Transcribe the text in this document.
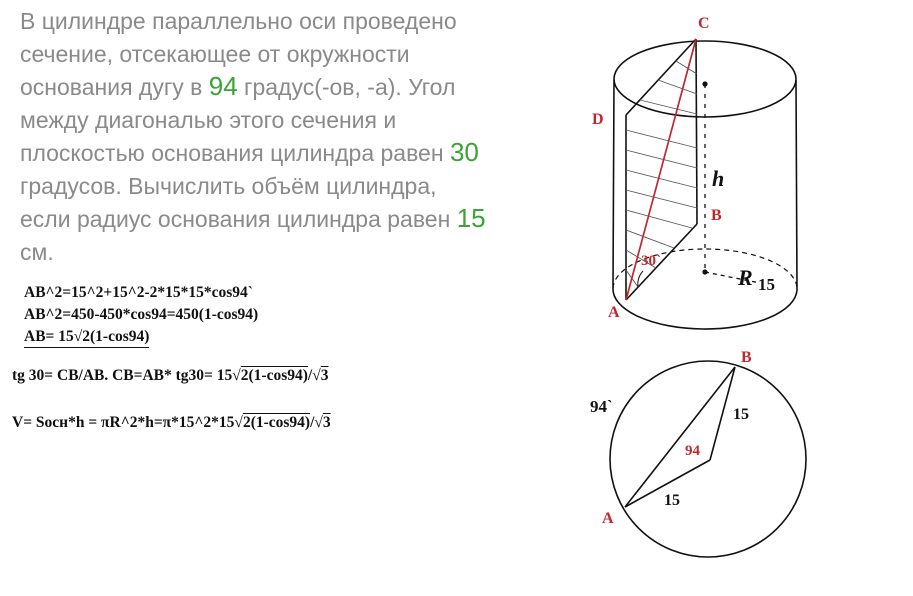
В цилиндре параллельно оси проведено сечение, отсекающее от окружности основания дугу в 94 градус(-ов, -а). Угол между диагональю этого сечения и плоскостью основания цилиндра равен 30 градусов. Вычислить объём цилиндра, если радиус основания цилиндра равен 15 см.
AB^2=15^2+15^2-2*15*15*cos94`
AB^2=450-450*cos94=450(1-cos94)
AB= 15√2(1-cos94)
tg 30= CB/AB. CB=AB* tg30= 15√2(1-cos94)/√3
V= Sосн*h = πR^2*h=π*15^2*15√2(1-cos94)/√3
C
D
B
A
h
R 15
30`
B
A
94`	15
15
94
